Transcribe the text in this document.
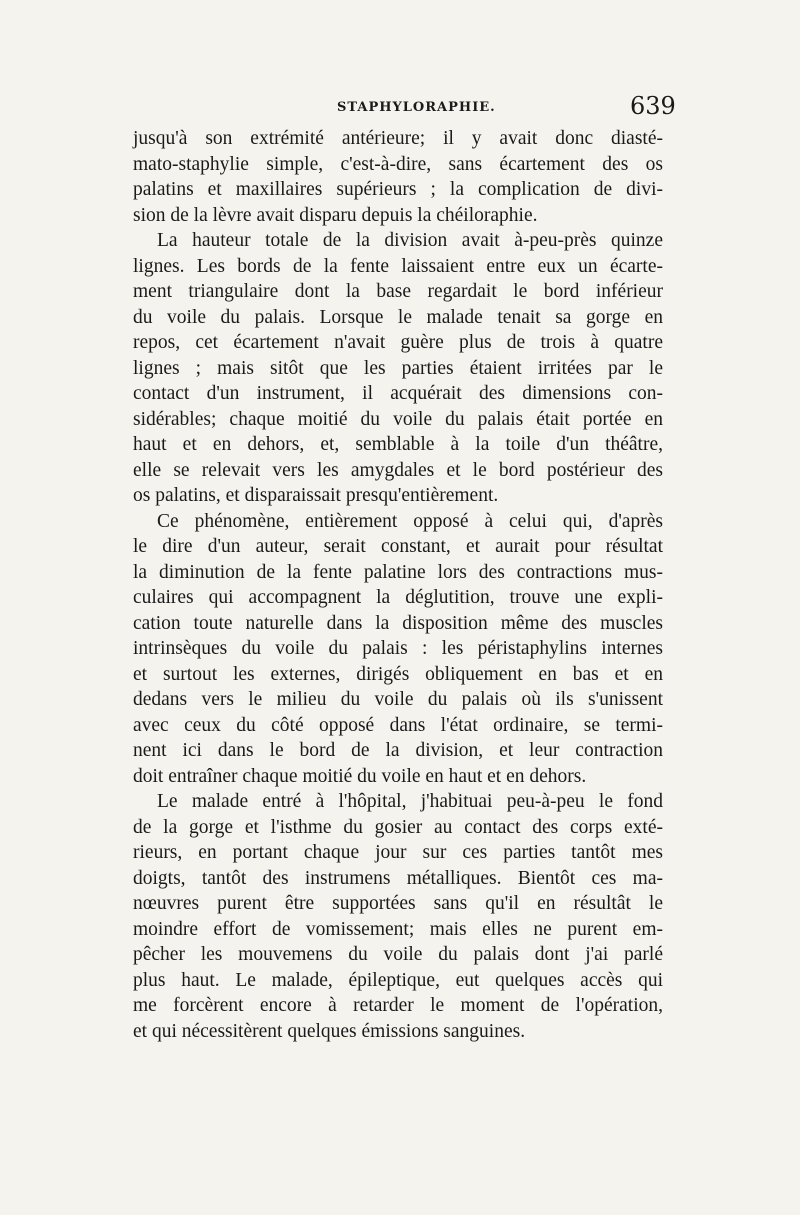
STAPHYLORAPHIE.	639

jusqu'à son extrémité antérieure; il y avait donc diasté-
mato-staphylie simple, c'est-à-dire, sans écartement des os
palatins et maxillaires supérieurs ; la complication de divi-
sion de la lèvre avait disparu depuis la chéiloraphie.

La hauteur totale de la division avait à-peu-près quinze
lignes. Les bords de la fente laissaient entre eux un écarte-
ment triangulaire dont la base regardait le bord inférieur
du voile du palais. Lorsque le malade tenait sa gorge en
repos, cet écartement n'avait guère plus de trois à quatre
lignes ; mais sitôt que les parties étaient irritées par le
contact d'un instrument, il acquérait des dimensions con-
sidérables; chaque moitié du voile du palais était portée en
haut et en dehors, et, semblable à la toile d'un théâtre,
elle se relevait vers les amygdales et le bord postérieur des
os palatins, et disparaissait presqu'entièrement.

Ce phénomène, entièrement opposé à celui qui, d'après
le dire d'un auteur, serait constant, et aurait pour résultat
la diminution de la fente palatine lors des contractions mus-
culaires qui accompagnent la déglutition, trouve une expli-
cation toute naturelle dans la disposition même des muscles
intrinsèques du voile du palais : les péristaphylins internes
et surtout les externes, dirigés obliquement en bas et en
dedans vers le milieu du voile du palais où ils s'unissent
avec ceux du côté opposé dans l'état ordinaire, se termi-
nent ici dans le bord de la division, et leur contraction
doit entraîner chaque moitié du voile en haut et en dehors.

Le malade entré à l'hôpital, j'habituai peu-à-peu le fond
de la gorge et l'isthme du gosier au contact des corps exté-
rieurs, en portant chaque jour sur ces parties tantôt mes
doigts, tantôt des instrumens métalliques. Bientôt ces ma-
nœuvres purent être supportées sans qu'il en résultât le
moindre effort de vomissement; mais elles ne purent em-
pêcher les mouvemens du voile du palais dont j'ai parlé
plus haut. Le malade, épileptique, eut quelques accès qui
me forcèrent encore à retarder le moment de l'opération,
et qui nécessitèrent quelques émissions sanguines.
